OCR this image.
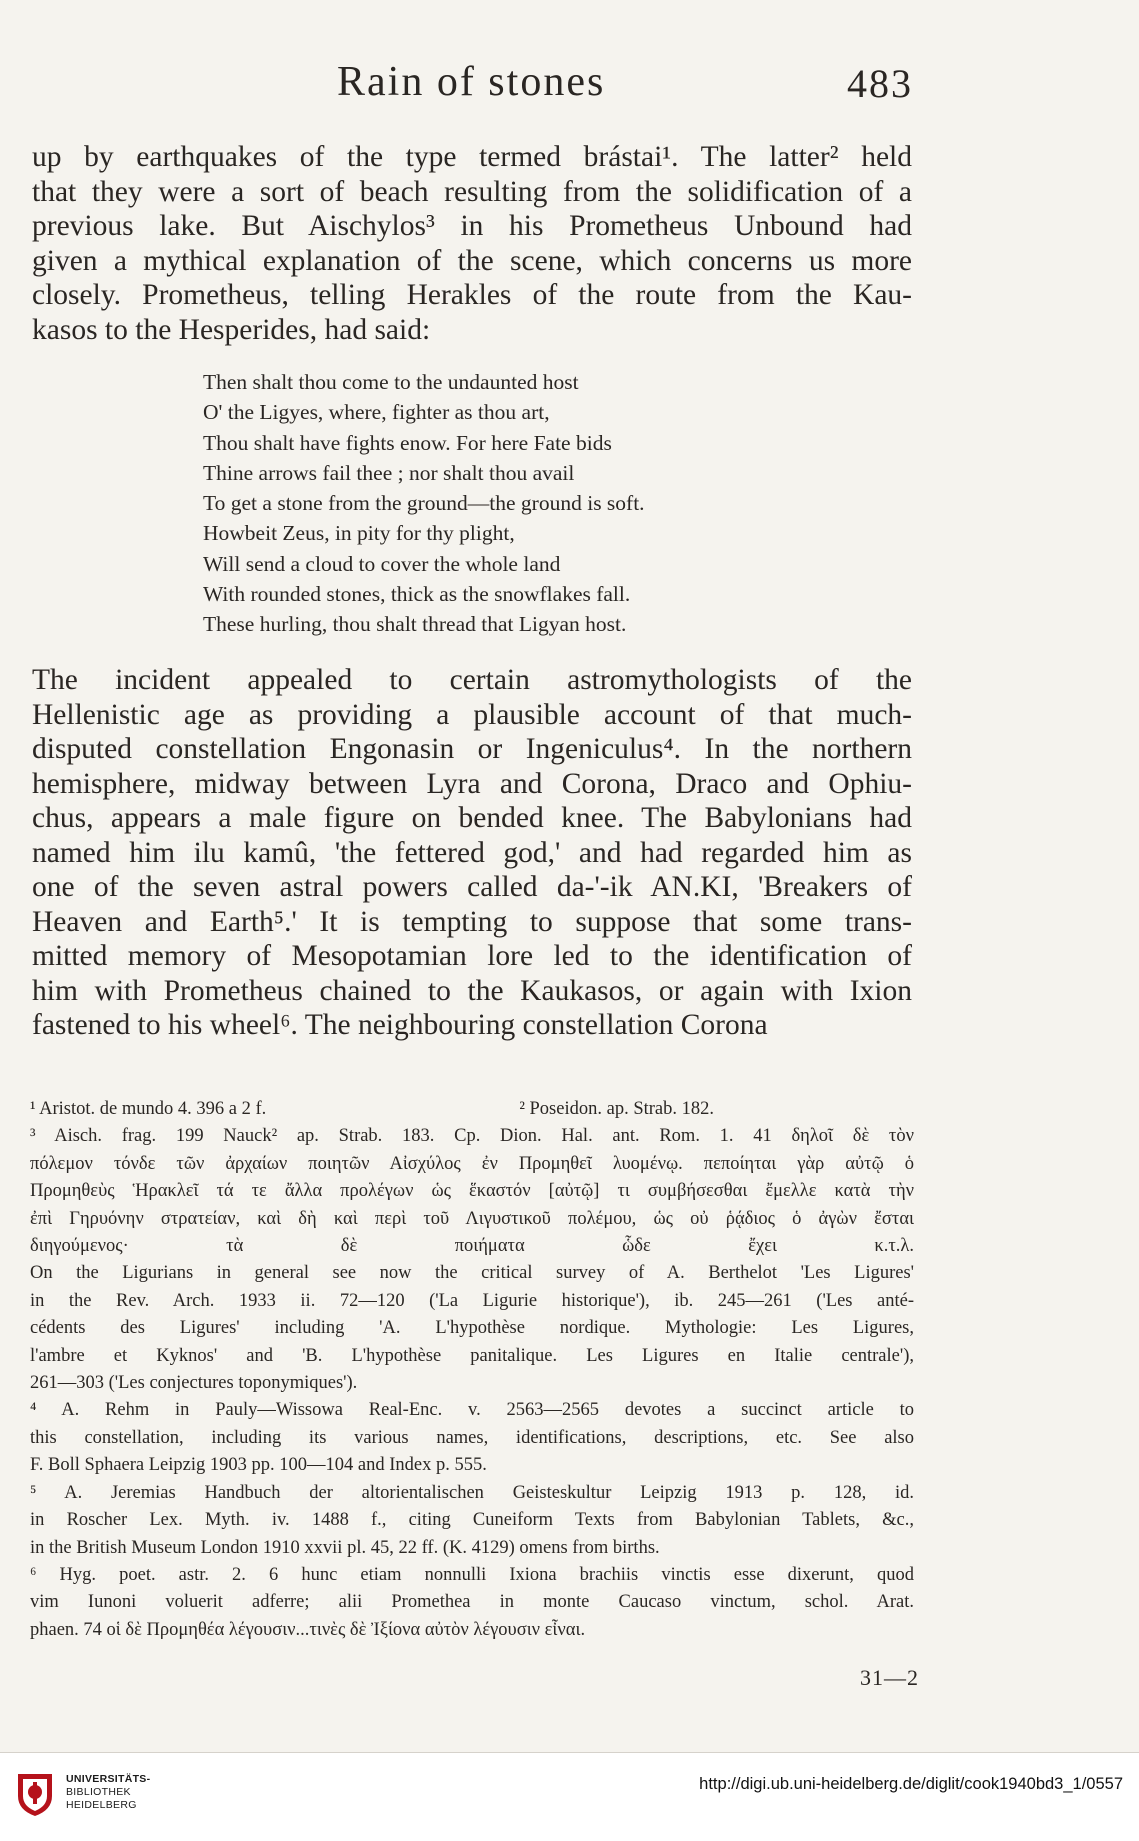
Rain of stones	483
up by earthquakes of the type termed brástai¹. The latter² held
that they were a sort of beach resulting from the solidification of a
previous lake. But Aischylos³ in his Prometheus Unbound had
given a mythical explanation of the scene, which concerns us more
closely. Prometheus, telling Herakles of the route from the Kau-
kasos to the Hesperides, had said:
Then shalt thou come to the undaunted host
O' the Ligyes, where, fighter as thou art,
Thou shalt have fights enow. For here Fate bids
Thine arrows fail thee ; nor shalt thou avail
To get a stone from the ground—the ground is soft.
Howbeit Zeus, in pity for thy plight,
Will send a cloud to cover the whole land
With rounded stones, thick as the snowflakes fall.
These hurling, thou shalt thread that Ligyan host.
The incident appealed to certain astromythologists of the
Hellenistic age as providing a plausible account of that much-
disputed constellation Engonasin or Ingeniculus⁴. In the northern
hemisphere, midway between Lyra and Corona, Draco and Ophiu-
chus, appears a male figure on bended knee. The Babylonians had
named him ilu kamû, 'the fettered god,' and had regarded him as
one of the seven astral powers called da-'-ik AN.KI, 'Breakers of
Heaven and Earth⁵.' It is tempting to suppose that some trans-
mitted memory of Mesopotamian lore led to the identification of
him with Prometheus chained to the Kaukasos, or again with Ixion
fastened to his wheel⁶. The neighbouring constellation Corona
¹ Aristot. de mundo 4. 396 a 2 f.	² Poseidon. ap. Strab. 182.
³ Aisch. frag. 199 Nauck² ap. Strab. 183. Cp. Dion. Hal. ant. Rom. 1. 41 δηλοῖ δὲ τὸν
πόλεμον τόνδε τῶν ἀρχαίων ποιητῶν Αἰσχύλος ἐν Προμηθεῖ λυομένῳ. πεποίηται γὰρ αὐτῷ ὁ
Προμηθεὺς Ἡρακλεῖ τά τε ἄλλα προλέγων ὡς ἕκαστόν [αὐτῷ] τι συμβήσεσθαι ἔμελλε κατὰ τὴν
ἐπὶ Γηρυόνην στρατείαν, καὶ δὴ καὶ περὶ τοῦ Λιγυστικοῦ πολέμου, ὡς οὐ ῥᾴδιος ὁ ἀγὼν ἔσται
διηγούμενος· τὰ δὲ ποιήματα ὧδε ἔχει κ.τ.λ.
On the Ligurians in general see now the critical survey of A. Berthelot 'Les Ligures'
in the Rev. Arch. 1933 ii. 72—120 ('La Ligurie historique'), ib. 245—261 ('Les anté-
cédents des Ligures' including 'A. L'hypothèse nordique. Mythologie: Les Ligures,
l'ambre et Kyknos' and 'B. L'hypothèse panitalique. Les Ligures en Italie centrale'),
261—303 ('Les conjectures toponymiques').
⁴ A. Rehm in Pauly—Wissowa Real-Enc. v. 2563—2565 devotes a succinct article to
this constellation, including its various names, identifications, descriptions, etc. See also
F. Boll Sphaera Leipzig 1903 pp. 100—104 and Index p. 555.
⁵ A. Jeremias Handbuch der altorientalischen Geisteskultur Leipzig 1913 p. 128, id.
in Roscher Lex. Myth. iv. 1488 f., citing Cuneiform Texts from Babylonian Tablets, &c.,
in the British Museum London 1910 xxvii pl. 45, 22 ff. (K. 4129) omens from births.
⁶ Hyg. poet. astr. 2. 6 hunc etiam nonnulli Ixiona brachiis vinctis esse dixerunt, quod
vim Iunoni voluerit adferre; alii Promethea in monte Caucaso vinctum, schol. Arat.
phaen. 74 οἱ δὲ Προμηθέα λέγουσιν...τινὲς δὲ Ἰξίονα αὐτὸν λέγουσιν εἶναι.
31—2
UNIVERSITÄTS-
BIBLIOTHEK
HEIDELBERG
http://digi.ub.uni-heidelberg.de/diglit/cook1940bd3_1/0557
